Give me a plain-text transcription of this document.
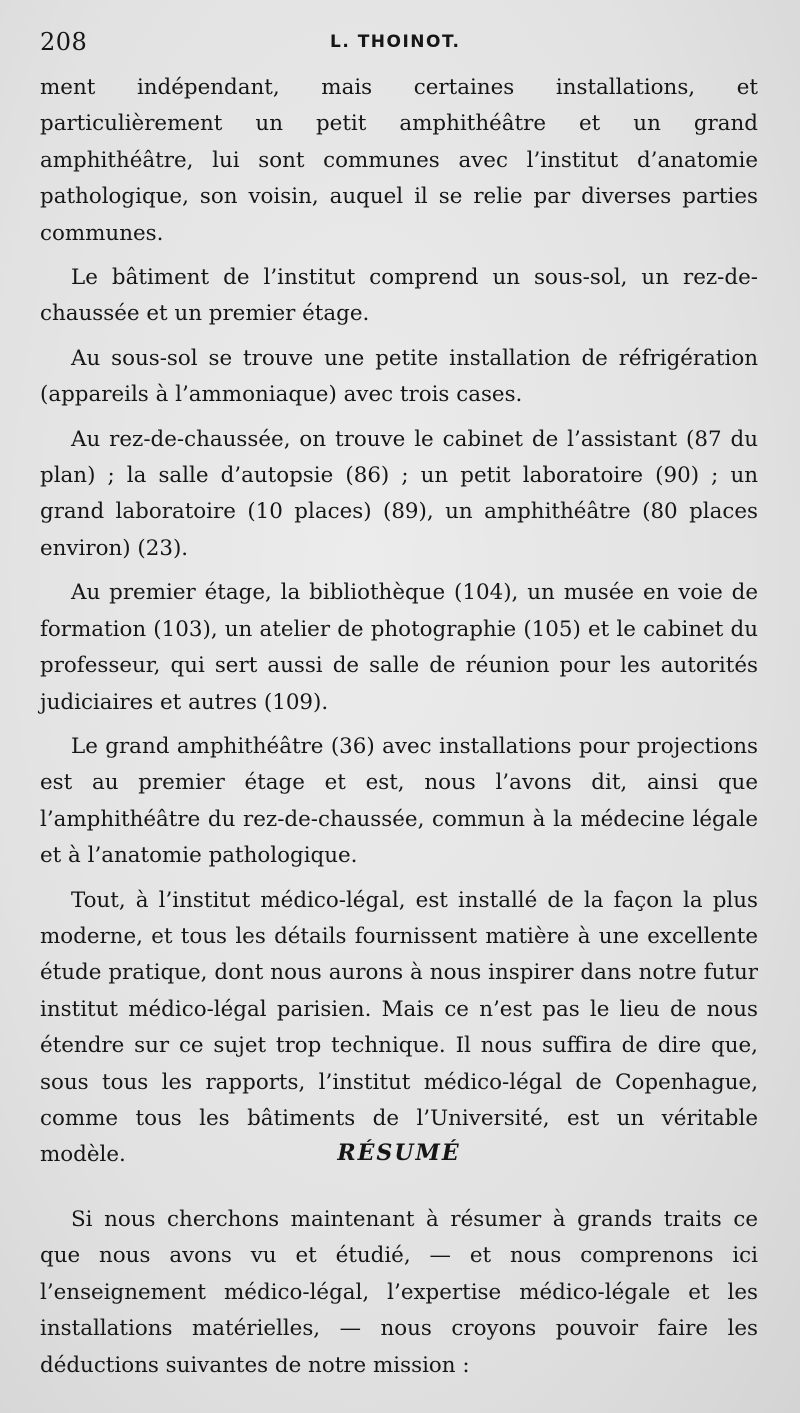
208	L. THOINOT.

ment indépendant, mais certaines installations, et particulièrement un petit amphithéâtre et un grand amphithéâtre, lui sont communes avec l’institut d’anatomie pathologique, son voisin, auquel il se relie par diverses parties communes.

Le bâtiment de l’institut comprend un sous-sol, un rez-de-chaussée et un premier étage.

Au sous-sol se trouve une petite installation de réfrigération (appareils à l’ammoniaque) avec trois cases.

Au rez-de-chaussée, on trouve le cabinet de l’assistant (87 du plan) ; la salle d’autopsie (86) ; un petit laboratoire (90) ; un grand laboratoire (10 places) (89), un amphithéâtre (80 places environ) (23).

Au premier étage, la bibliothèque (104), un musée en voie de formation (103), un atelier de photographie (105) et le cabinet du professeur, qui sert aussi de salle de réunion pour les autorités judiciaires et autres (109).

Le grand amphithéâtre (36) avec installations pour projections est au premier étage et est, nous l’avons dit, ainsi que l’amphithéâtre du rez-de-chaussée, commun à la médecine légale et à l’anatomie pathologique.

Tout, à l’institut médico-légal, est installé de la façon la plus moderne, et tous les détails fournissent matière à une excellente étude pratique, dont nous aurons à nous inspirer dans notre futur institut médico-légal parisien. Mais ce n’est pas le lieu de nous étendre sur ce sujet trop technique. Il nous suffira de dire que, sous tous les rapports, l’institut médico-légal de Copenhague, comme tous les bâtiments de l’Université, est un véritable modèle.	RÉSUMÉ

Si nous cherchons maintenant à résumer à grands traits ce que nous avons vu et étudié, — et nous comprenons ici l’enseignement médico-légal, l’expertise médico-légale et les installations matérielles, — nous croyons pouvoir faire les déductions suivantes de notre mission :
